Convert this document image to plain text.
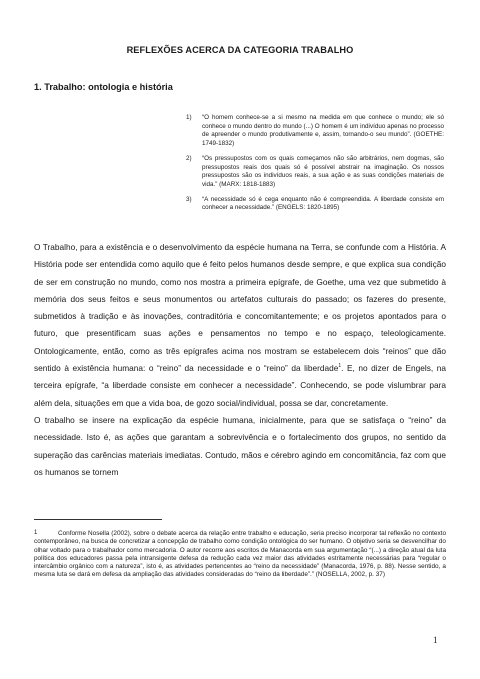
REFLEXÕES ACERCA DA CATEGORIA TRABALHO
1. Trabalho: ontologia e história
1) “O homem conhece-se a si mesmo na medida em que conhece o mundo; ele só conhece o mundo dentro do mundo (...) O homem é um indivíduo apenas no processo de apreender o mundo produtivamente e, assim, tornando-o seu mundo”. (GOETHE: 1749-1832)
2) “Os pressupostos com os quais começamos não são arbitrários, nem dogmas, são pressupostos reais dos quais só é possível abstrair na imaginação. Os nossos pressupostos são os indivíduos reais, a sua ação e as suas condições materiais de vida.” (MARX: 1818-1883)
3) “A necessidade só é cega enquanto não é compreendida. A liberdade consiste em conhecer a necessidade.” (ENGELS: 1820-1895)

O Trabalho, para a existência e o desenvolvimento da espécie humana na Terra, se confunde com a História. A História pode ser entendida como aquilo que é feito pelos humanos desde sempre, e que explica sua condição de ser em construção no mundo, como nos mostra a primeira epígrafe, de Goethe, uma vez que submetido à memória dos seus feitos e seus monumentos ou artefatos culturais do passado; os fazeres do presente, submetidos à tradição e às inovações, contraditória e concomitantemente; e os projetos apontados para o futuro, que presentificam suas ações e pensamentos no tempo e no espaço, teleologicamente. Ontologicamente, então, como as três epígrafes acima nos mostram se estabelecem dois “reinos” que dão sentido à existência humana: o “reino” da necessidade e o “reino” da liberdade$^1$. E, no dizer de Engels, na terceira epígrafe, “a liberdade consiste em conhecer a necessidade”. Conhecendo, se pode vislumbrar para além dela, situações em que a vida boa, de gozo social/individual, possa se dar, concretamente.

O trabalho se insere na explicação da espécie humana, inicialmente, para que se satisfaça o “reino” da necessidade. Isto é, as ações que garantam a sobrevivência e o fortalecimento dos grupos, no sentido da superação das carências materiais imediatas. Contudo, mãos e cérebro agindo em concomitância, faz com que os humanos se tornem

1	Conforme Nosella (2002), sobre o debate acerca da relação entre trabalho e educação, seria preciso incorporar tal reflexão no contexto contemporâneo, na busca de concretizar a concepção de trabalho como condição ontológica do ser humano. O objetivo seria se desvencilhar do olhar voltado para o trabalhador como mercadoria. O autor recorre aos escritos de Manacorda em sua argumentação “(...) a direção atual da luta política dos educadores passa pela intransigente defesa da redução cada vez maior das atividades estritamente necessárias para “regular o intercâmbio orgânico com a natureza”, isto é, as atividades pertencentes ao “reino da necessidade” (Manacorda, 1976, p. 88). Nesse sentido, a mesma luta se dará em defesa da ampliação das atividades consideradas do “reino da liberdade”.” (NOSELLA, 2002, p. 37)
1
